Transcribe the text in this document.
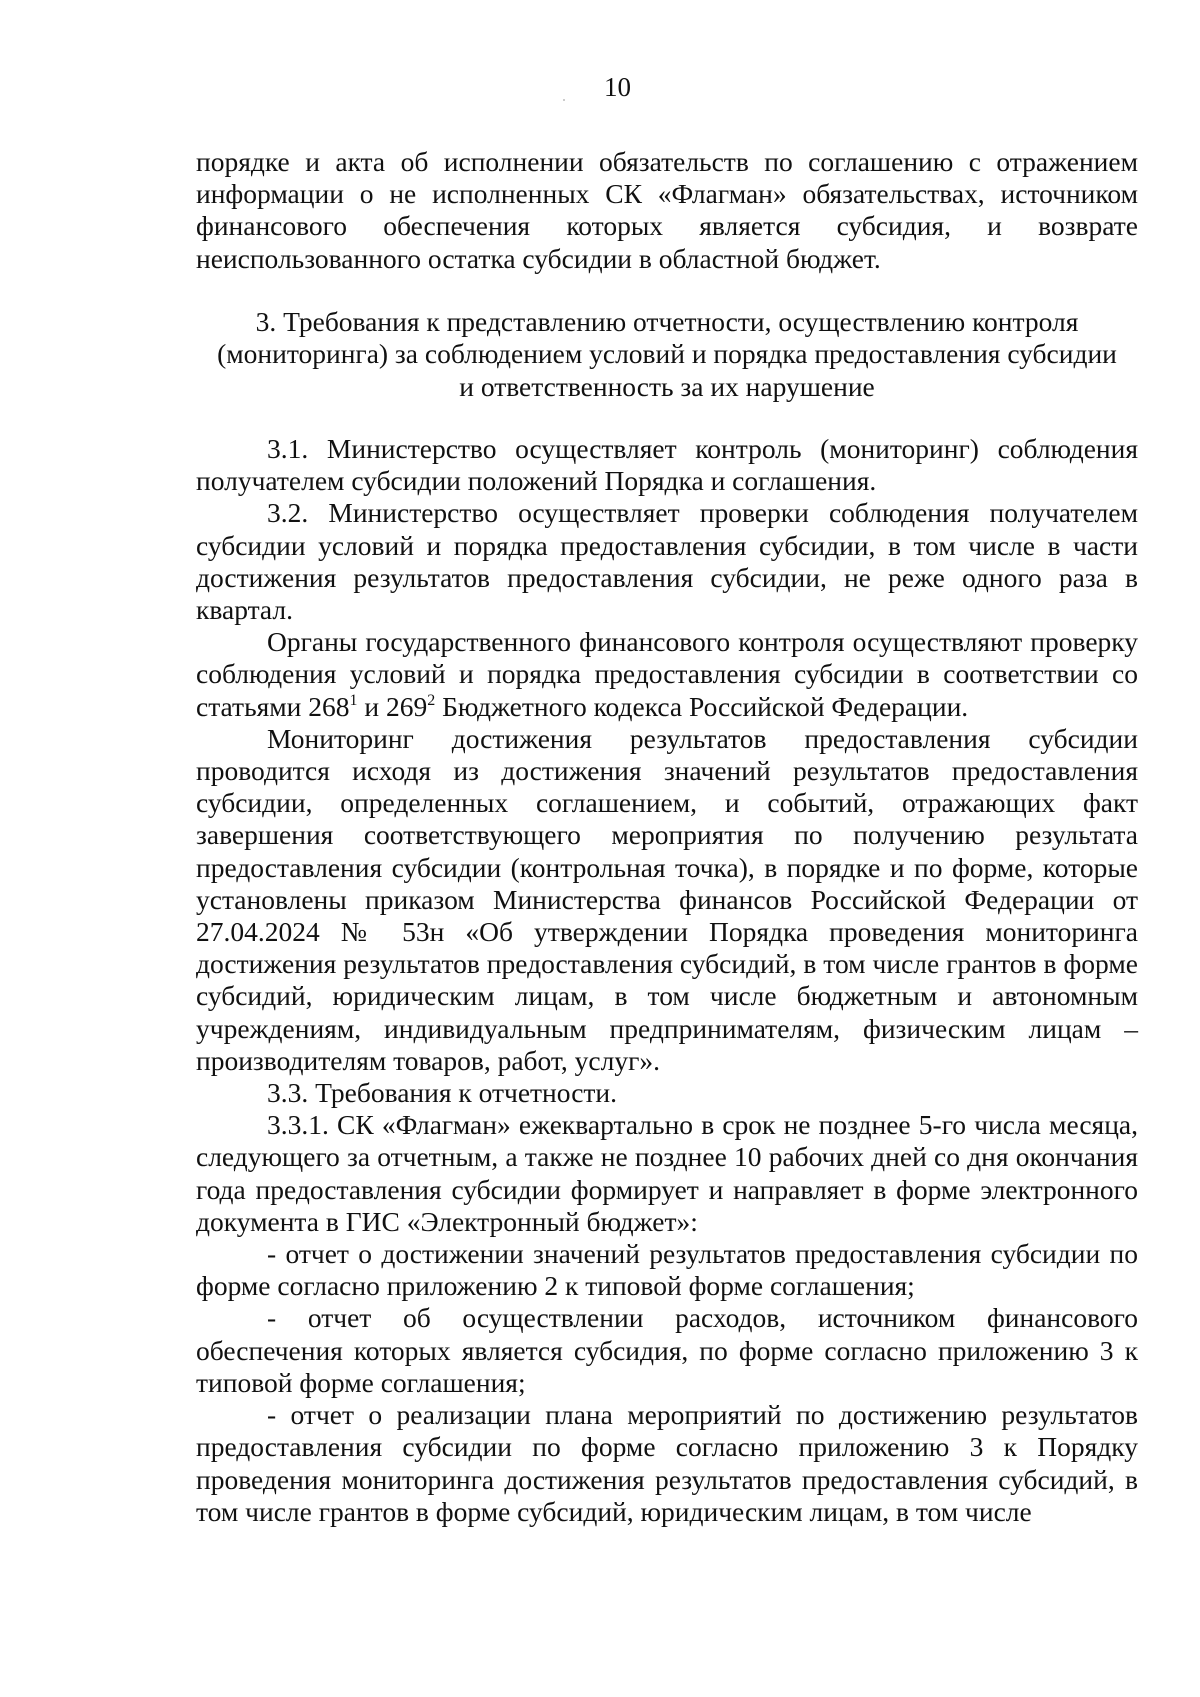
10

порядке и акта об исполнении обязательств по соглашению с отражением информации о не исполненных СК «Флагман» обязательствах, источником финансового обеспечения которых является субсидия, и возврате неиспользованного остатка субсидии в областной бюджет.

3. Требования к представлению отчетности, осуществлению контроля
(мониторинга) за соблюдением условий и порядка предоставления субсидии
и ответственность за их нарушение

3.1. Министерство осуществляет контроль (мониторинг) соблюдения получателем субсидии положений Порядка и соглашения.

3.2. Министерство осуществляет проверки соблюдения получателем субсидии условий и порядка предоставления субсидии, в том числе в части достижения результатов предоставления субсидии, не реже одного раза в квартал.

Органы государственного финансового контроля осуществляют проверку соблюдения условий и порядка предоставления субсидии в соответствии со статьями $268^1$ и $269^2$ Бюджетного кодекса Российской Федерации.

Мониторинг достижения результатов предоставления субсидии проводится исходя из достижения значений результатов предоставления субсидии, определенных соглашением, и событий, отражающих факт завершения соответствующего мероприятия по получению результата предоставления субсидии (контрольная точка), в порядке и по форме, которые установлены приказом Министерства финансов Российской Федерации от 27.04.2024 № 53н «Об утверждении Порядка проведения мониторинга достижения результатов предоставления субсидий, в том числе грантов в форме субсидий, юридическим лицам, в том числе бюджетным и автономным учреждениям, индивидуальным предпринимателям, физическим лицам – производителям товаров, работ, услуг».

3.3. Требования к отчетности.

3.3.1. СК «Флагман» ежеквартально в срок не позднее 5-го числа месяца, следующего за отчетным, а также не позднее 10 рабочих дней со дня окончания года предоставления субсидии формирует и направляет в форме электронного документа в ГИС «Электронный бюджет»:

- отчет о достижении значений результатов предоставления субсидии по форме согласно приложению 2 к типовой форме соглашения;

- отчет об осуществлении расходов, источником финансового обеспечения которых является субсидия, по форме согласно приложению 3 к типовой форме соглашения;

- отчет о реализации плана мероприятий по достижению результатов предоставления субсидии по форме согласно приложению 3 к Порядку проведения мониторинга достижения результатов предоставления субсидий, в том числе грантов в форме субсидий, юридическим лицам, в том числе
